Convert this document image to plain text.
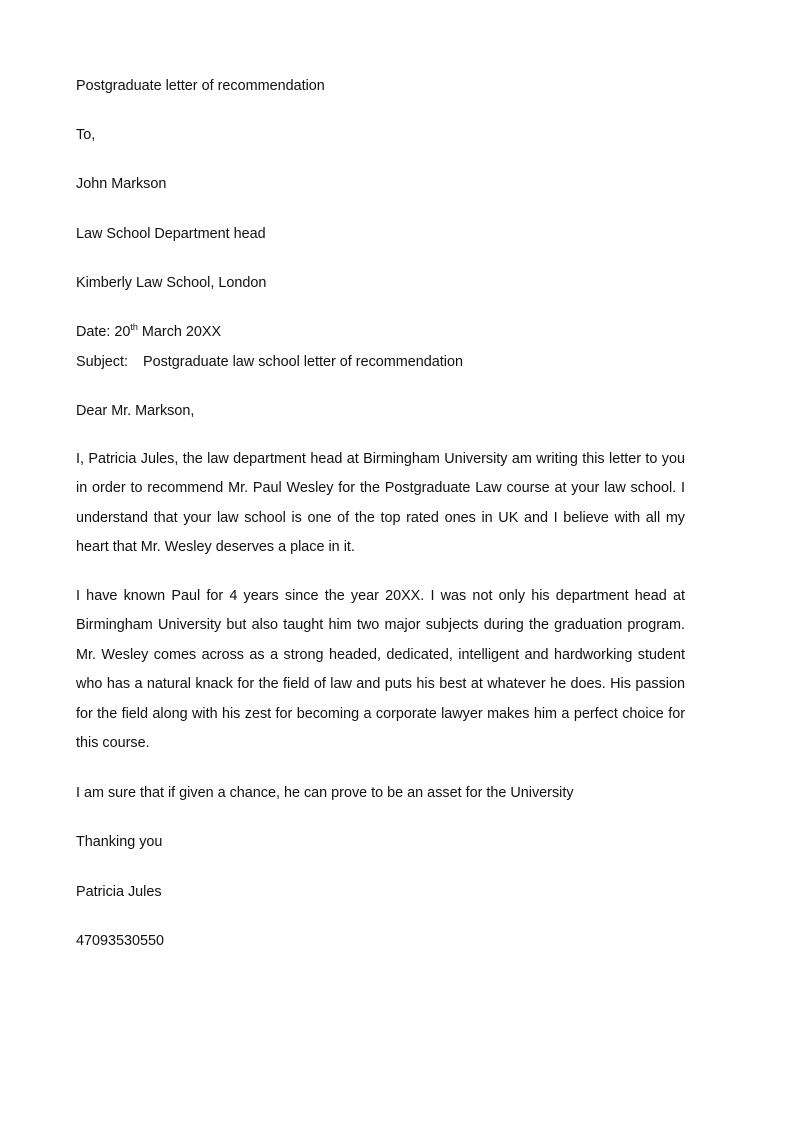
Postgraduate letter of recommendation
To,
John Markson
Law School Department head
Kimberly Law School, London
Date: 20th March 20XX
Subject: Postgraduate law school letter of recommendation
Dear Mr. Markson,

I, Patricia Jules, the law department head at Birmingham University am writing this letter to you in order to recommend Mr. Paul Wesley for the Postgraduate Law course at your law school. I understand that your law school is one of the top rated ones in UK and I believe with all my heart that Mr. Wesley deserves a place in it.

I have known Paul for 4 years since the year 20XX. I was not only his department head at Birmingham University but also taught him two major subjects during the graduation program. Mr. Wesley comes across as a strong headed, dedicated, intelligent and hardworking student who has a natural knack for the field of law and puts his best at whatever he does. His passion for the field along with his zest for becoming a corporate lawyer makes him a perfect choice for this course.

I am sure that if given a chance, he can prove to be an asset for the University
Thanking you
Patricia Jules
47093530550
